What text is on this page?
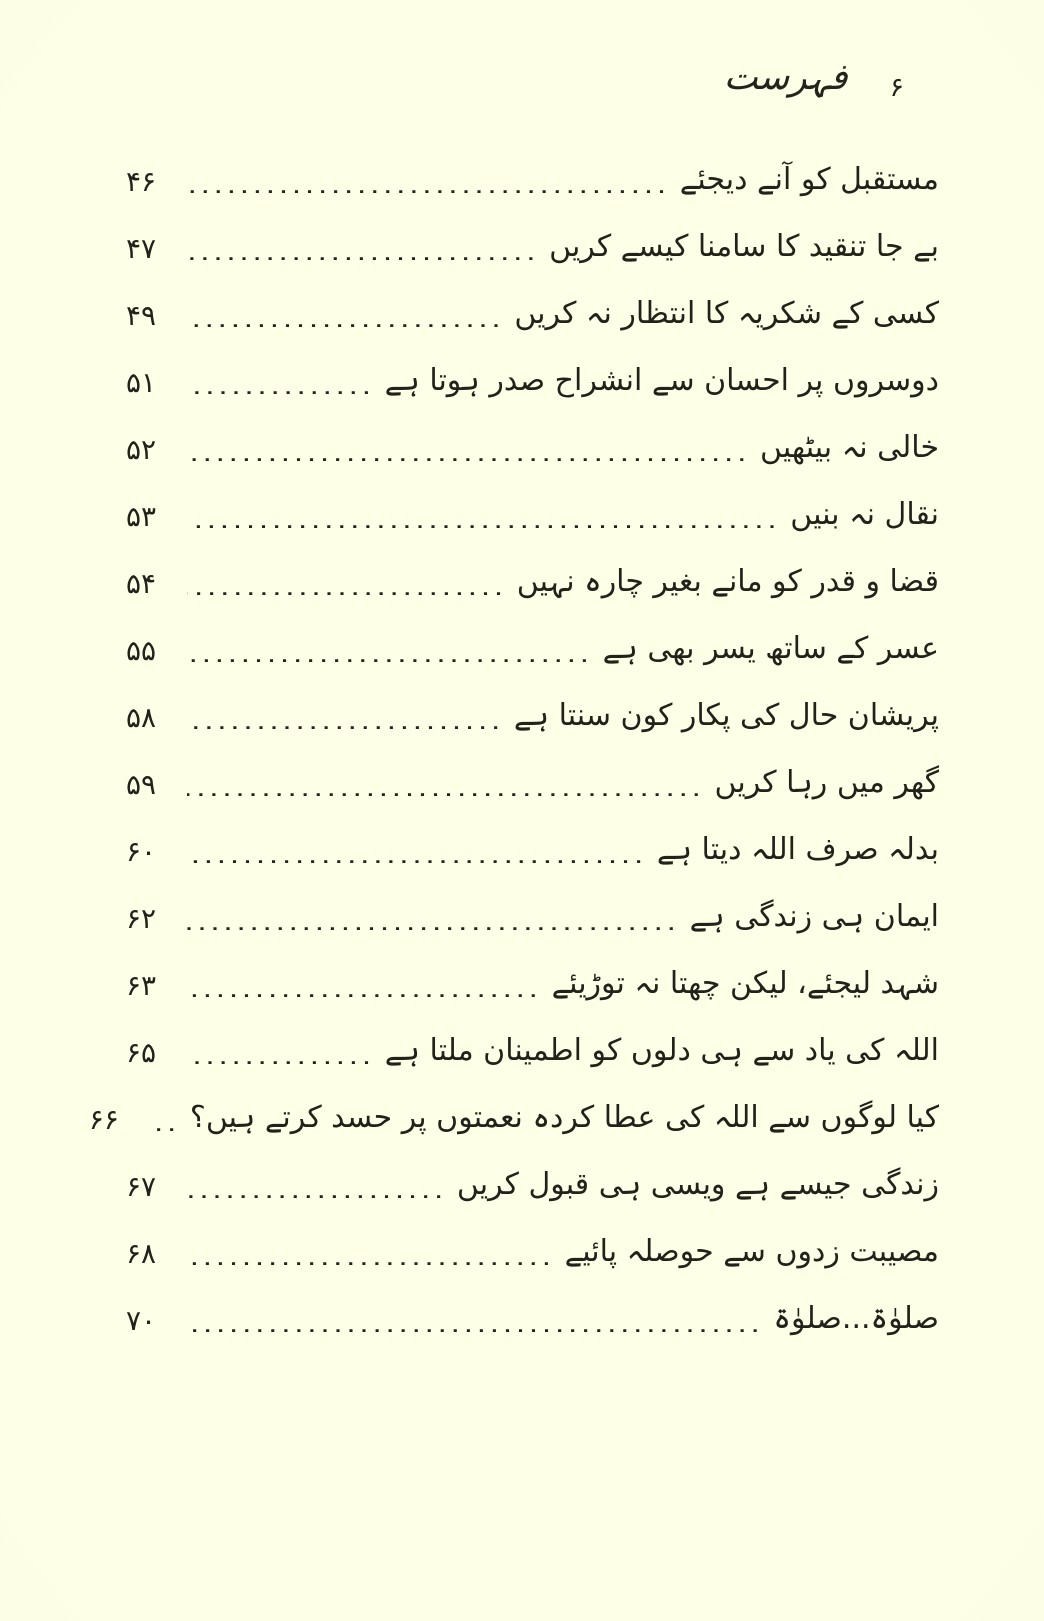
۶
فہرست
مستقبل کو آنے دیجئے
.....
۴۶
بے جا تنقید کا سامنا کیسے کریں
.....
۴۷
کسی کے شکریہ کا انتظار نہ کریں
.....
۴۹
دوسروں پر احسان سے انشراح صدر ہوتا ہے
.....
۵۱
خالی نہ بیٹھیں
.....
۵۲
نقال نہ بنیں
.....
۵۳
قضا و قدر کو مانے بغیر چارہ نہیں
.....
۵۴
عسر کے ساتھ یسر بھی ہے
.....
۵۵
پریشان حال کی پکار کون سنتا ہے
.....
۵۸
گھر میں رہا کریں
.....
۵۹
بدلہ صرف اللہ دیتا ہے
.....
۶۰
ایمان ہی زندگی ہے
.....
۶۲
شہد لیجئے، لیکن چھتا نہ توڑیئے
.....
۶۳
اللہ کی یاد سے ہی دلوں کو اطمینان ملتا ہے
.....
۶۵
کیا لوگوں سے اللہ کی عطا کردہ نعمتوں پر حسد کرتے ہیں؟
.....
۶۶
زندگی جیسے ہے ویسی ہی قبول کریں
.....
۶۷
مصیبت زدوں سے حوصلہ پائیے
.....
۶۸
صلوٰۃ...صلوٰۃ
.....
۷۰
